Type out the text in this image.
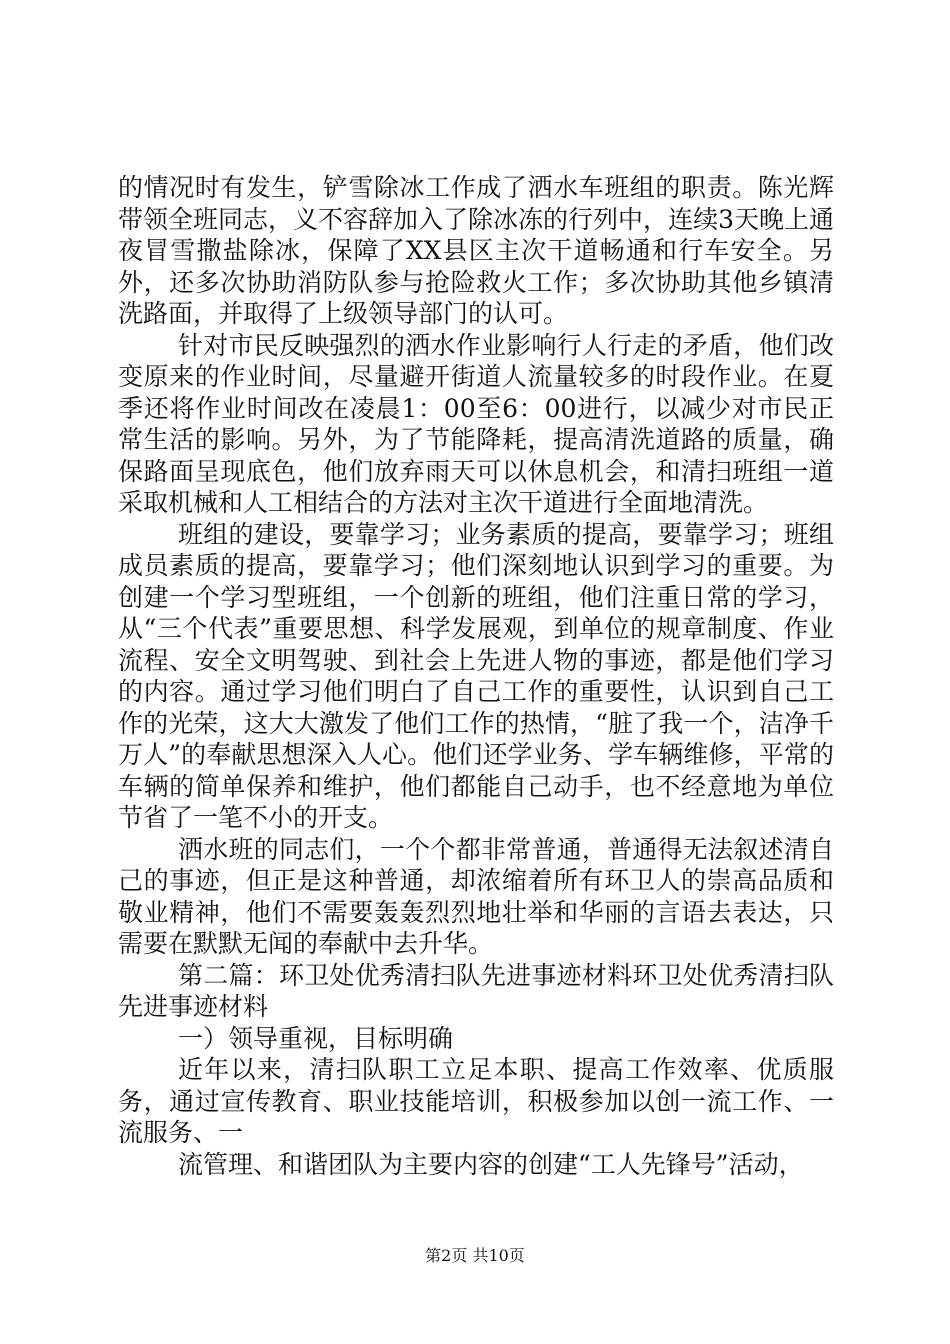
的情况时有发生，铲雪除冰工作成了洒水车班组的职责。陈光辉带领全班同志，义不容辞加入了除冰冻的行列中，连续3天晚上通夜冒雪撒盐除冰，保障了XX县区主次干道畅通和行车安全。另外，还多次协助消防队参与抢险救火工作；多次协助其他乡镇清洗路面，并取得了上级领导部门的认可。

针对市民反映强烈的洒水作业影响行人行走的矛盾，他们改变原来的作业时间，尽量避开街道人流量较多的时段作业。在夏季还将作业时间改在凌晨1：00至6：00进行，以减少对市民正常生活的影响。另外，为了节能降耗，提高清洗道路的质量，确保路面呈现底色，他们放弃雨天可以休息机会，和清扫班组一道采取机械和人工相结合的方法对主次干道进行全面地清洗。

班组的建设，要靠学习；业务素质的提高，要靠学习；班组成员素质的提高，要靠学习；他们深刻地认识到学习的重要。为创建一个学习型班组，一个创新的班组，他们注重日常的学习，从“三个代表”重要思想、科学发展观，到单位的规章制度、作业流程、安全文明驾驶、到社会上先进人物的事迹，都是他们学习的内容。通过学习他们明白了自己工作的重要性，认识到自己工作的光荣，这大大激发了他们工作的热情，“脏了我一个，洁净千万人”的奉献思想深入人心。他们还学业务、学车辆维修，平常的车辆的简单保养和维护，他们都能自己动手，也不经意地为单位节省了一笔不小的开支。

洒水班的同志们，一个个都非常普通，普通得无法叙述清自己的事迹，但正是这种普通，却浓缩着所有环卫人的崇高品质和敬业精神，他们不需要轰轰烈烈地壮举和华丽的言语去表达，只需要在默默无闻的奉献中去升华。

第二篇：环卫处优秀清扫队先进事迹材料环卫处优秀清扫队先进事迹材料

一）领导重视，目标明确

近年以来，清扫队职工立足本职、提高工作效率、优质服务，通过宣传教育、职业技能培训，积极参加以创一流工作、一流服务、一

流管理、和谐团队为主要内容的创建“工人先锋号”活动，

第2页 共10页
